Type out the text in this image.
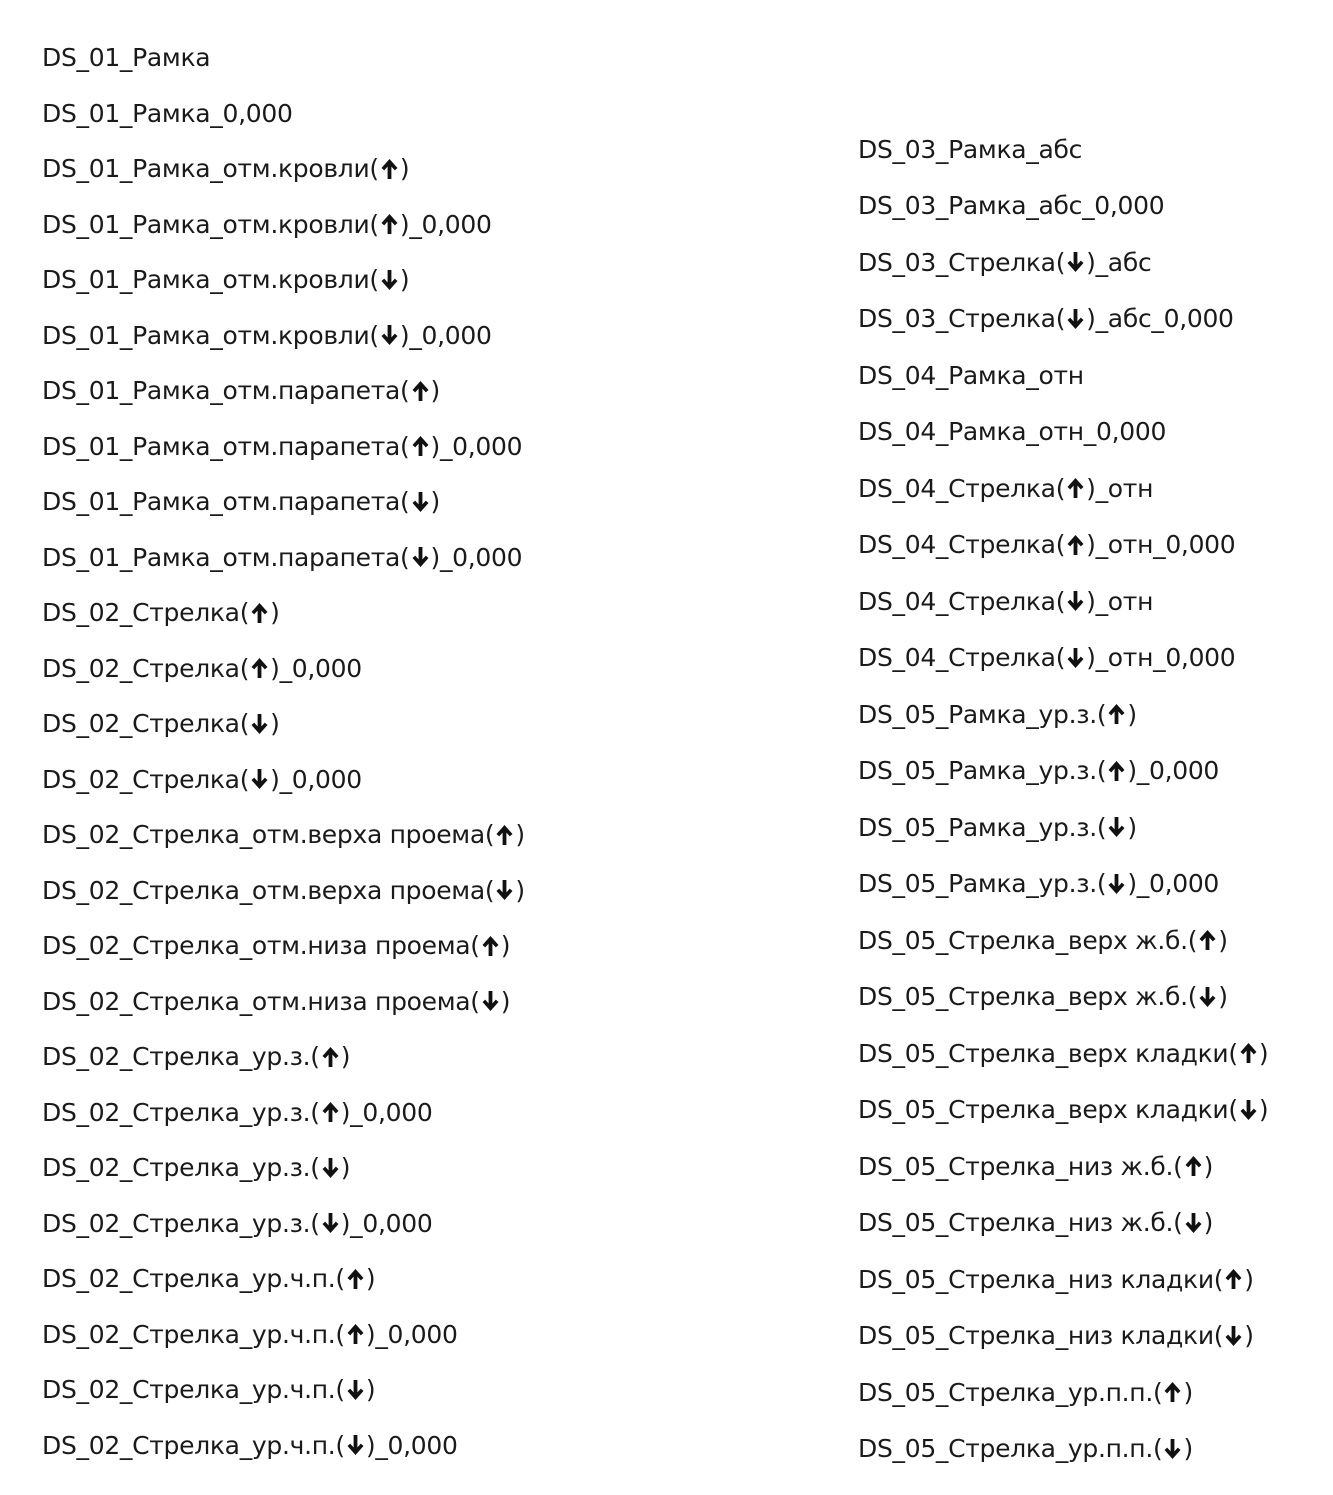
DS_01_Рамка
DS_01_Рамка_0,000
DS_01_Рамка_отм.кровли( )
DS_01_Рамка_отм.кровли( )_0,000
DS_01_Рамка_отм.кровли( )
DS_01_Рамка_отм.кровли( )_0,000
DS_01_Рамка_отм.парапета( )
DS_01_Рамка_отм.парапета( )_0,000
DS_01_Рамка_отм.парапета( )
DS_01_Рамка_отм.парапета( )_0,000
DS_02_Стрелка( )
DS_02_Стрелка( )_0,000
DS_02_Стрелка( )
DS_02_Стрелка( )_0,000
DS_02_Стрелка_отм.верха проема( )
DS_02_Стрелка_отм.верха проема( )
DS_02_Стрелка_отм.низа проема( )
DS_02_Стрелка_отм.низа проема( )
DS_02_Стрелка_ур.з.( )
DS_02_Стрелка_ур.з.( )_0,000
DS_02_Стрелка_ур.з.( )
DS_02_Стрелка_ур.з.( )_0,000
DS_02_Стрелка_ур.ч.п.( )
DS_02_Стрелка_ур.ч.п.( )_0,000
DS_02_Стрелка_ур.ч.п.( )
DS_02_Стрелка_ур.ч.п.( )_0,000
DS_03_Рамка_абс
DS_03_Рамка_абс_0,000
DS_03_Стрелка( )_абс
DS_03_Стрелка( )_абс_0,000
DS_04_Рамка_отн
DS_04_Рамка_отн_0,000
DS_04_Стрелка( )_отн
DS_04_Стрелка( )_отн_0,000
DS_04_Стрелка( )_отн
DS_04_Стрелка( )_отн_0,000
DS_05_Рамка_ур.з.( )
DS_05_Рамка_ур.з.( )_0,000
DS_05_Рамка_ур.з.( )
DS_05_Рамка_ур.з.( )_0,000
DS_05_Стрелка_верх ж.б.( )
DS_05_Стрелка_верх ж.б.( )
DS_05_Стрелка_верх кладки( )
DS_05_Стрелка_верх кладки( )
DS_05_Стрелка_низ ж.б.( )
DS_05_Стрелка_низ ж.б.( )
DS_05_Стрелка_низ кладки( )
DS_05_Стрелка_низ кладки( )
DS_05_Стрелка_ур.п.п.( )
DS_05_Стрелка_ур.п.п.( )
